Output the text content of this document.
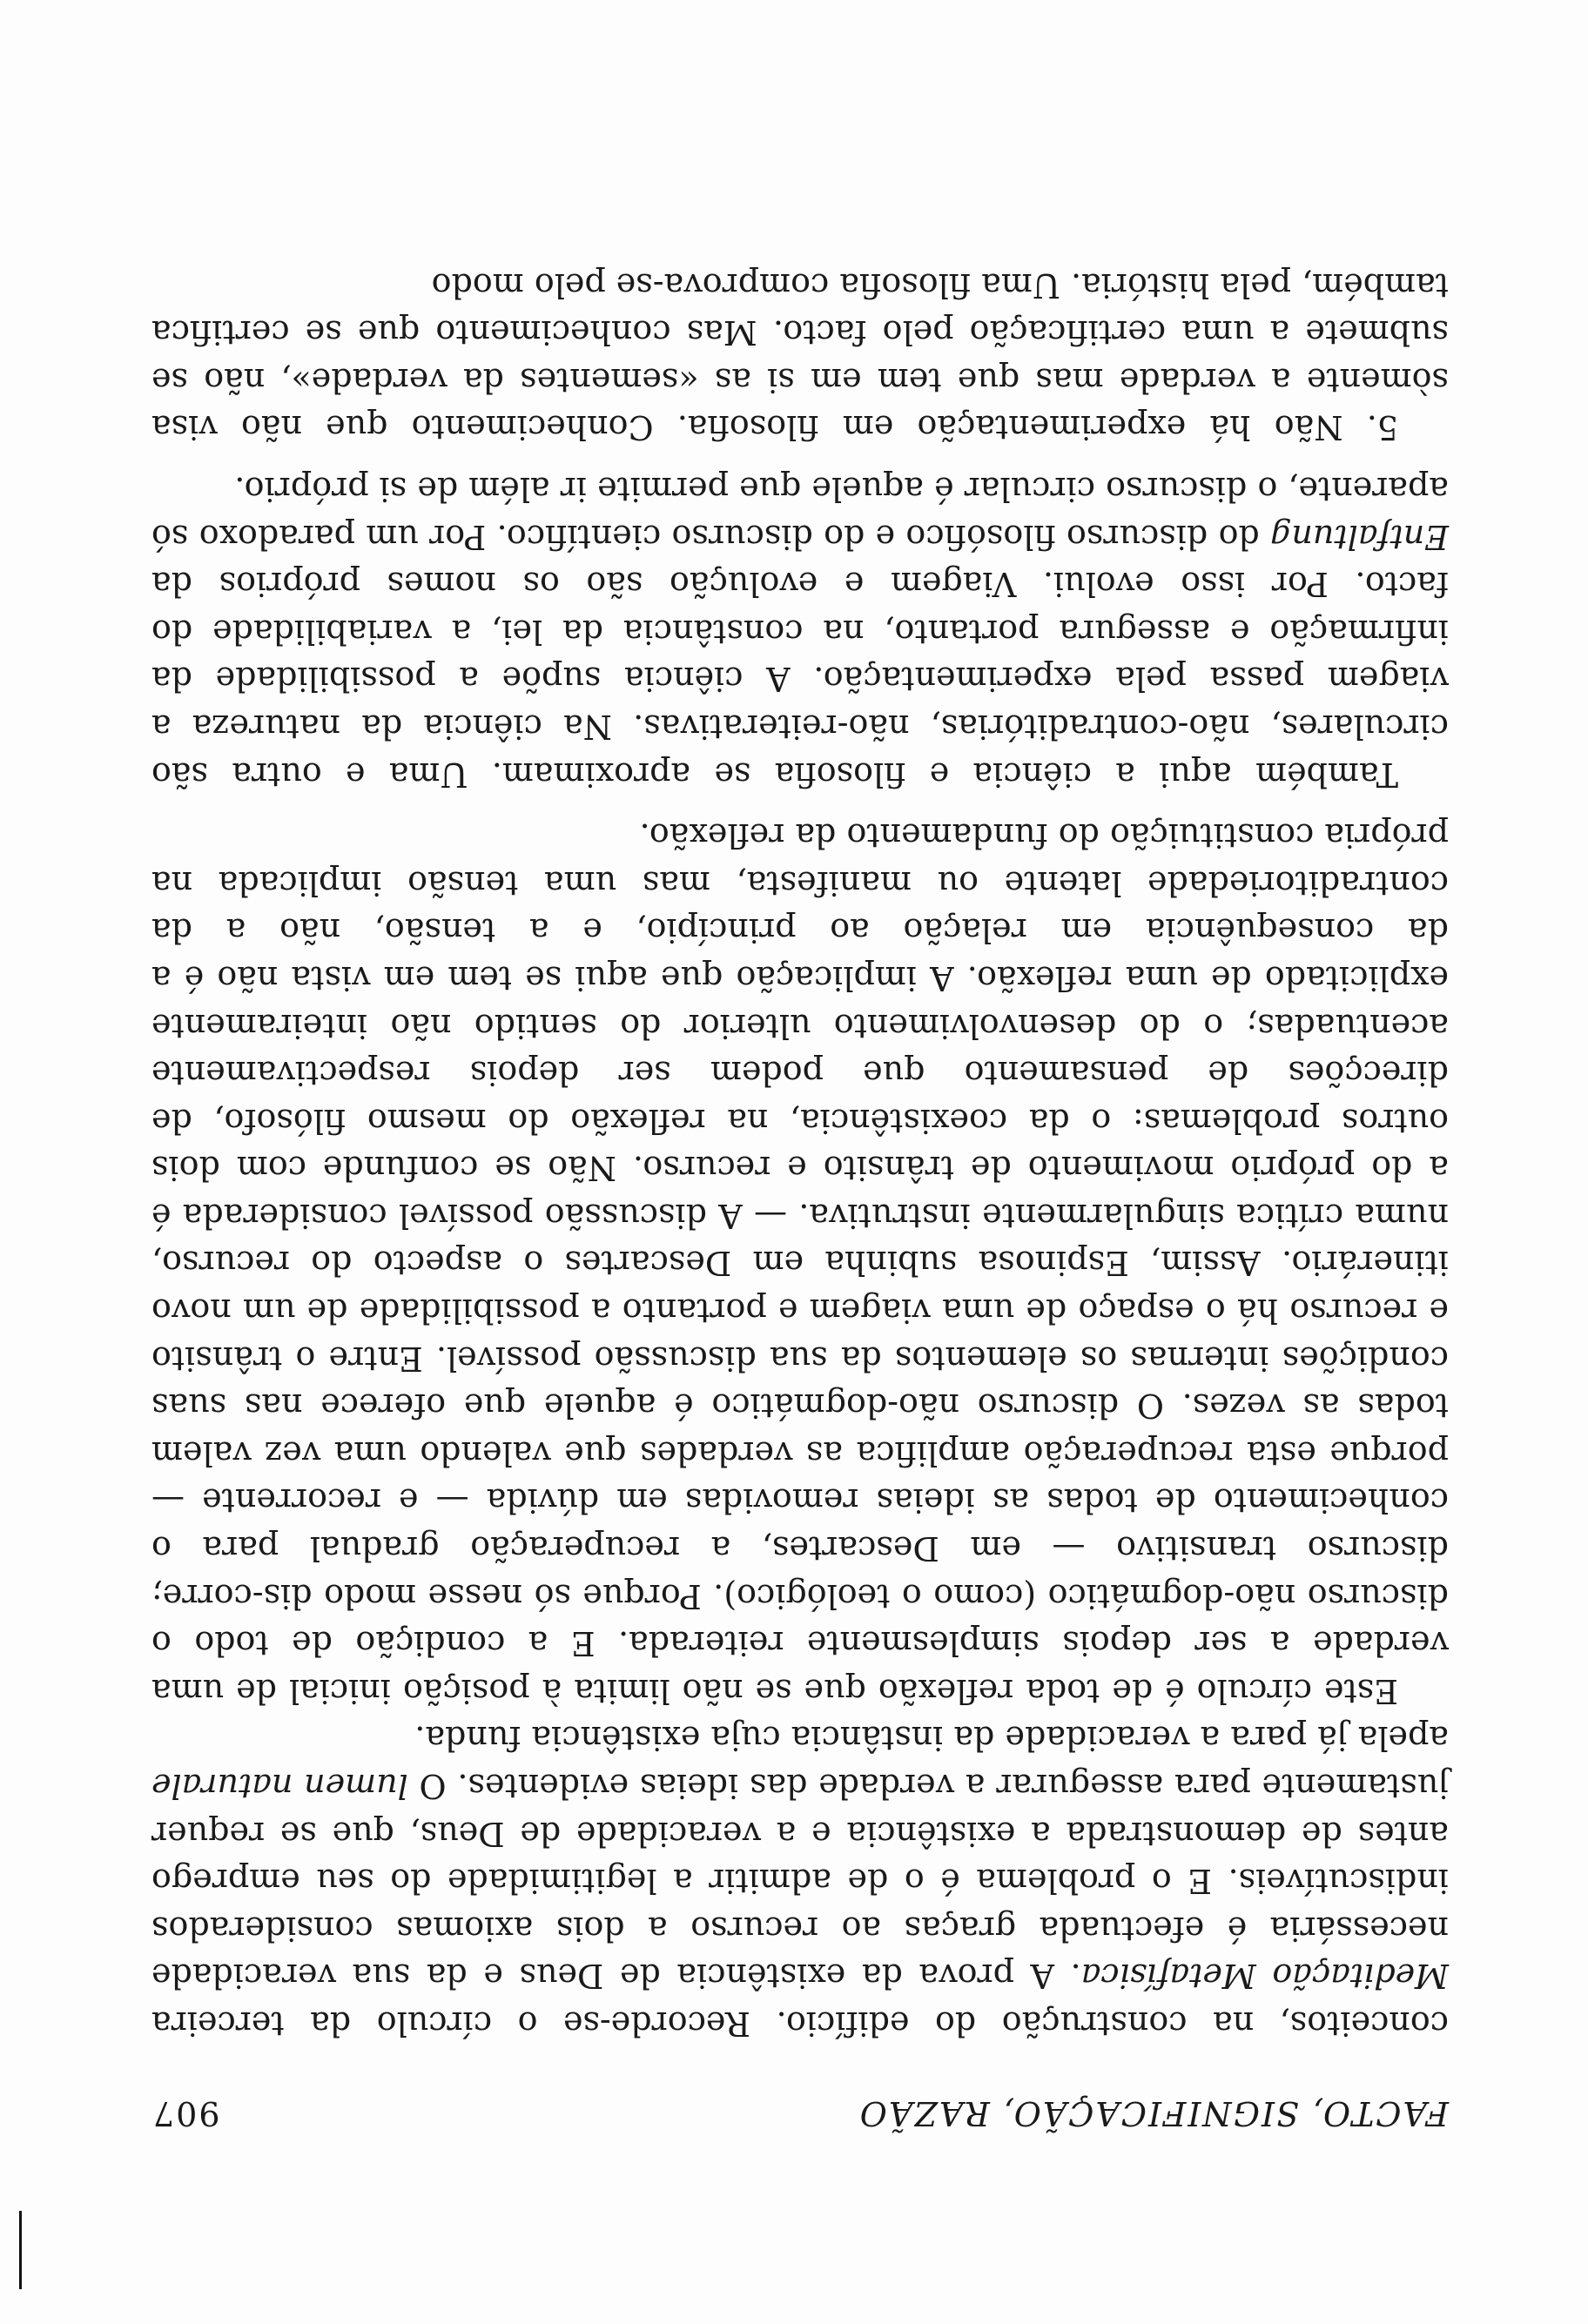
FACTO, SIGNIFICAÇÃO, RAZÃO
907

conceitos, na construção do edifício. Recorde-se o círculo da terceira Meditação Metafísica. A prova da existência de Deus e da sua veracidade necessária é efectuada graças ao recurso a dois axiomas considerados indiscutíveis. E o problema é o de admitir a legitimidade do seu emprego antes de demonstrada a existência e a veracidade de Deus, que se requer justamente para assegurar a verdade das ideias evidentes. O lumen naturale apela já para a veracidade da instância cuja existência funda.

Este círculo é de toda reflexão que se não limita à posição inicial de uma verdade a ser depois simplesmente reiterada. E a condição de todo o discurso não-dogmático (como o teológico). Porque só nesse modo dis-corre; discurso transitivo — em Descartes, a recuperação gradual para o conhecimento de todas as ideias removidas em dúvida — e recorrente — porque esta recuperação amplifica as verdades que valendo uma vez valem todas as vezes. O discurso não-dogmático é aquele que oferece nas suas condições internas os elementos da sua discussão possível. Entre o trânsito e recurso há o espaço de uma viagem e portanto a possibilidade de um novo itinerário. Assim, Espinosa subinha em Descartes o aspecto do recurso, numa crítica singularmente instrutiva. — A discussão possível considerada é a do próprio movimento de trânsito e recurso. Não se confunde com dois outros problemas: o da coexistência, na reflexão do mesmo filósofo, de direcções de pensamento que podem ser depois respectivamente acentuadas; o do desenvolvimento ulterior do sentido não inteiramente explicitado de uma reflexão. A implicação que aqui se tem em vista não é a da consequência em relação ao princípio, e a tensão, não a da contraditoriedade latente ou manifesta, mas uma tensão implicada na própria constituição do fundamento da reflexão.

Também aqui a ciência e filosofia se aproximam. Uma e outra são circulares, não-contraditórias, não-reiterativas. Na ciência da natureza a viagem passa pela experimentação. A ciência supõe a possibilidade da infirmação e assegura portanto, na constância da lei, a variabilidade do facto. Por isso evolui. Viagem e evolução são os nomes próprios da Entfaltung do discurso filosófico e do discurso científico. Por um paradoxo só aparente, o discurso circular é aquele que permite ir além de si próprio.

5. Não há experimentação em filosofia. Conhecimento que não visa sòmente a verdade mas que tem em si as «sementes da verdade», não se submete a uma certificação pelo facto. Mas conhecimento que se certifica também, pela história. Uma filosofia comprova-se pelo modo
